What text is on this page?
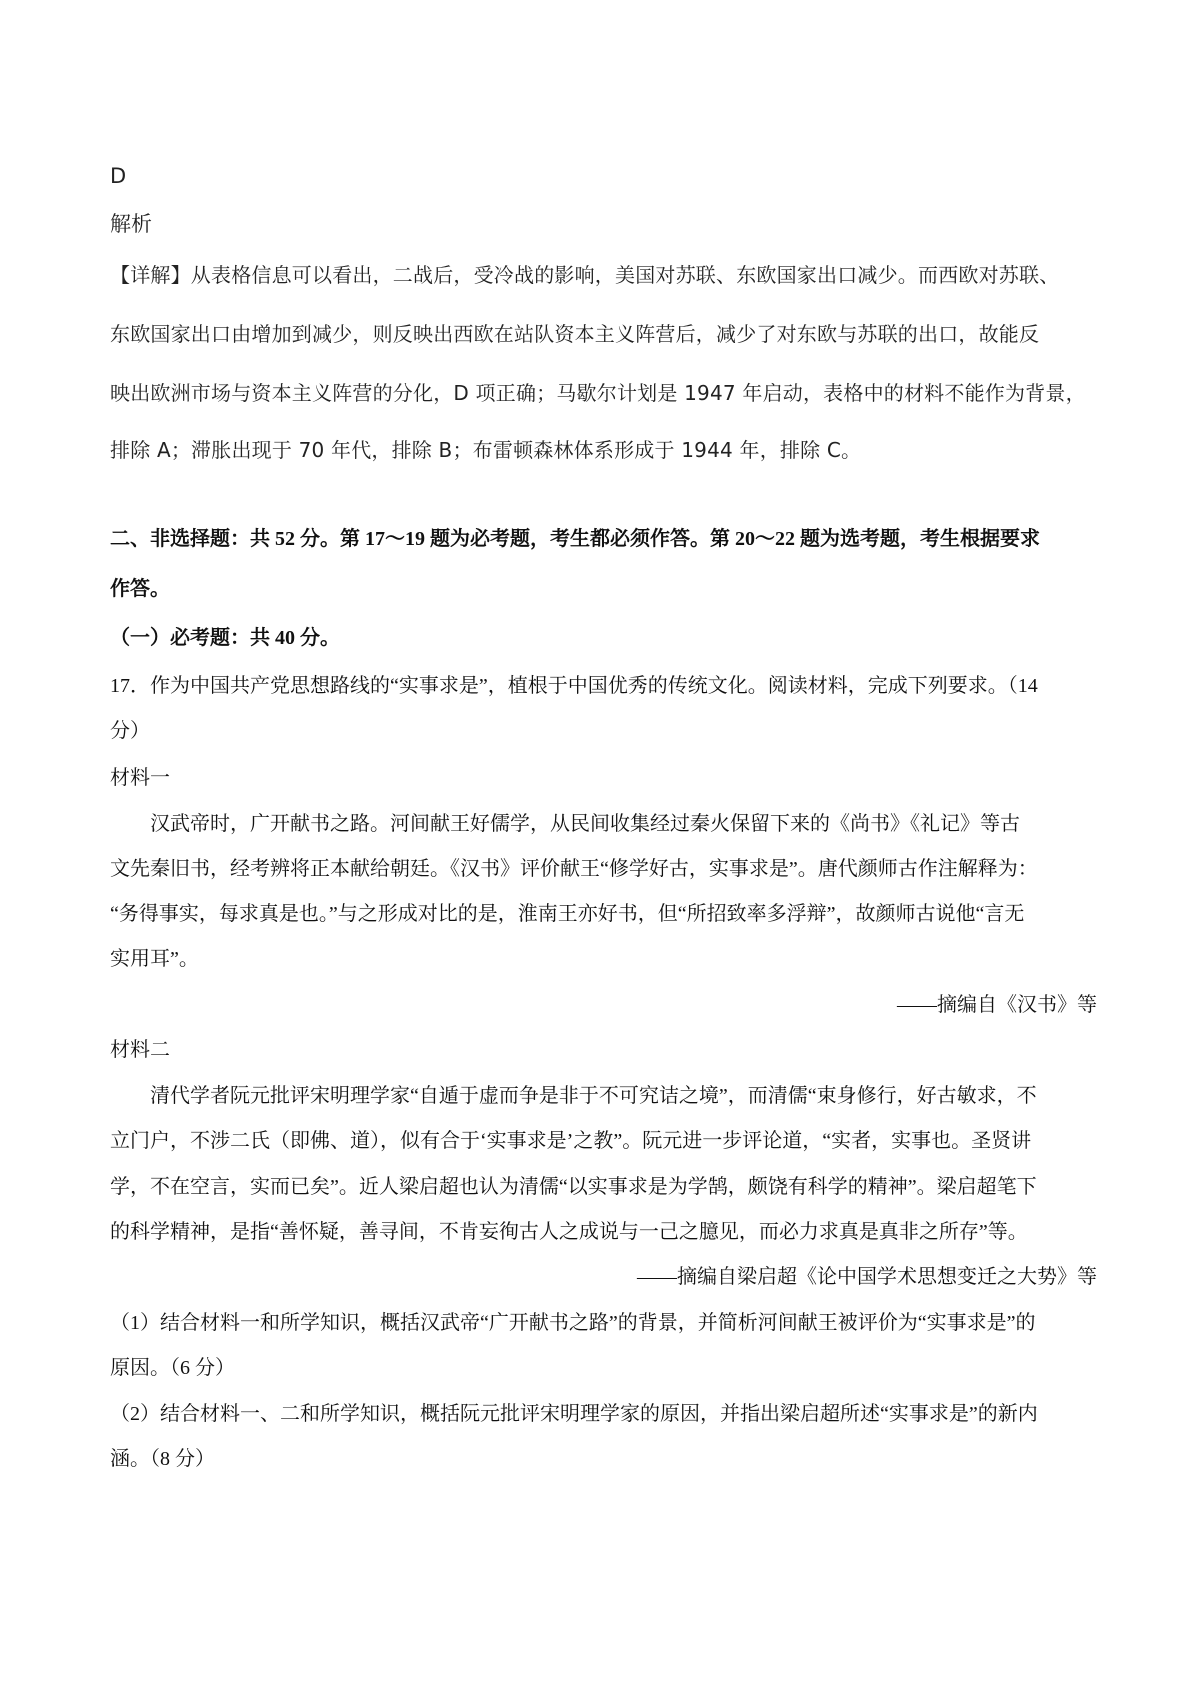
D
解析
【详解】从表格信息可以看出，二战后，受冷战的影响，美国对苏联、东欧国家出口减少。而西欧对苏联、
东欧国家出口由增加到减少，则反映出西欧在站队资本主义阵营后，减少了对东欧与苏联的出口，故能反
映出欧洲市场与资本主义阵营的分化，D 项正确；马歇尔计划是 1947 年启动，表格中的材料不能作为背景，
排除 A；滞胀出现于 70 年代，排除 B；布雷顿森林体系形成于 1944 年，排除 C。
二、非选择题：共 52 分。第 17～19 题为必考题，考生都必须作答。第 20～22 题为选考题，考生根据要求
作答。
（一）必考题：共 40 分。
17．作为中国共产党思想路线的“实事求是”，植根于中国优秀的传统文化。阅读材料，完成下列要求。（14
分）
材料一
汉武帝时，广开献书之路。河间献王好儒学，从民间收集经过秦火保留下来的《尚书》《礼记》等古
文先秦旧书，经考辨将正本献给朝廷。《汉书》评价献王“修学好古，实事求是”。唐代颜师古作注解释为：
“务得事实，每求真是也。”与之形成对比的是，淮南王亦好书，但“所招致率多浮辩”，故颜师古说他“言无
实用耳”。
——摘编自《汉书》等
材料二
清代学者阮元批评宋明理学家“自遁于虚而争是非于不可究诘之境”，而清儒“束身修行，好古敏求，不
立门户，不涉二氏（即佛、道），似有合于‘实事求是’之教”。阮元进一步评论道，“实者，实事也。圣贤讲
学，不在空言，实而已矣”。近人梁启超也认为清儒“以实事求是为学鹄，颇饶有科学的精神”。梁启超笔下
的科学精神，是指“善怀疑，善寻间，不肯妄徇古人之成说与一己之臆见，而必力求真是真非之所存”等。
——摘编自梁启超《论中国学术思想变迁之大势》等
（1）结合材料一和所学知识，概括汉武帝“广开献书之路”的背景，并简析河间献王被评价为“实事求是”的
原因。（6 分）
（2）结合材料一、二和所学知识，概括阮元批评宋明理学家的原因，并指出梁启超所述“实事求是”的新内
涵。（8 分）
